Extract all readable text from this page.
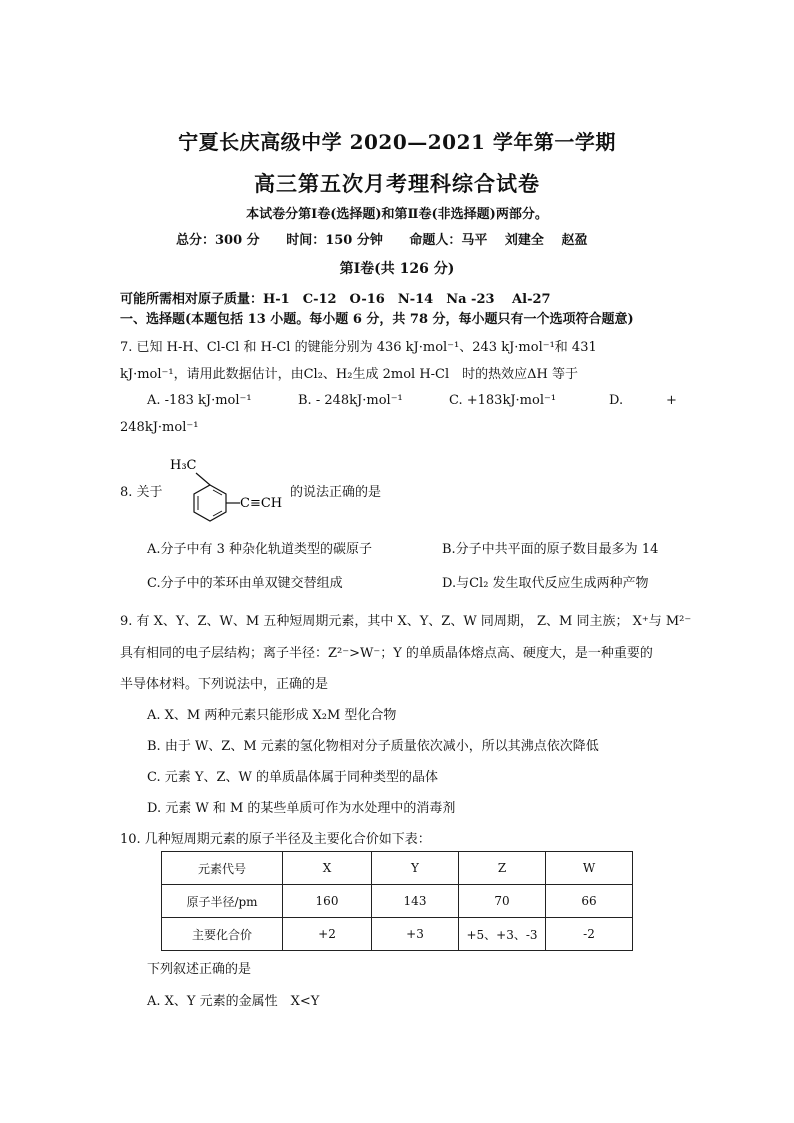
宁夏长庆高级中学 2020—2021 学年第一学期
高三第五次月考理科综合试卷
本试卷分第Ⅰ卷(选择题)和第Ⅱ卷(非选择题)两部分。
总分：300 分 时间：150 分钟 命题人：马平　 刘建全　 赵盈
第Ⅰ卷(共 126 分)
可能所需相对原子质量：H-1　C-12　O-16　N-14　Na -23　 Al-27
一、选择题(本题包括 13 小题。每小题 6 分，共 78 分，每小题只有一个选项符合题意)
7. 已知 H-H、Cl-Cl 和 H-Cl 的键能分别为 436 kJ·mol⁻¹、243 kJ·mol⁻¹和 431
kJ·mol⁻¹，请用此数据估计，由Cl₂、H₂生成 2mol H-Cl　时的热效应ΔH 等于
A. -183 kJ·mol⁻¹	B. - 248kJ·mol⁻¹	C. +183kJ·mol⁻¹	D.	+
248kJ·mol⁻¹
8. 关于
H₃C
C≡CH
的说法正确的是
A.分子中有 3 种杂化轨道类型的碳原子	B.分子中共平面的原子数目最多为 14
C.分子中的苯环由单双键交替组成	D.与Cl₂ 发生取代反应生成两种产物
9. 有 X、Y、Z、W、M 五种短周期元素，其中 X、Y、Z、W 同周期， Z、M 同主族； X⁺与 M²⁻
具有相同的电子层结构；离子半径：Z²⁻>W⁻；Y 的单质晶体熔点高、硬度大，是一种重要的
半导体材料。下列说法中，正确的是
A. X、M 两种元素只能形成 X₂M 型化合物
B. 由于 W、Z、M 元素的氢化物相对分子质量依次减小，所以其沸点依次降低
C. 元素 Y、Z、W 的单质晶体属于同种类型的晶体
D. 元素 W 和 M 的某些单质可作为水处理中的消毒剂
10. 几种短周期元素的原子半径及主要化合价如下表：
元素代号	X	Y	Z	W
原子半径/pm	160	143	70	66
主要化合价	+2	+3	+5、+3、-3	-2
下列叙述正确的是
A. X、Y 元素的金属性　X<Y
